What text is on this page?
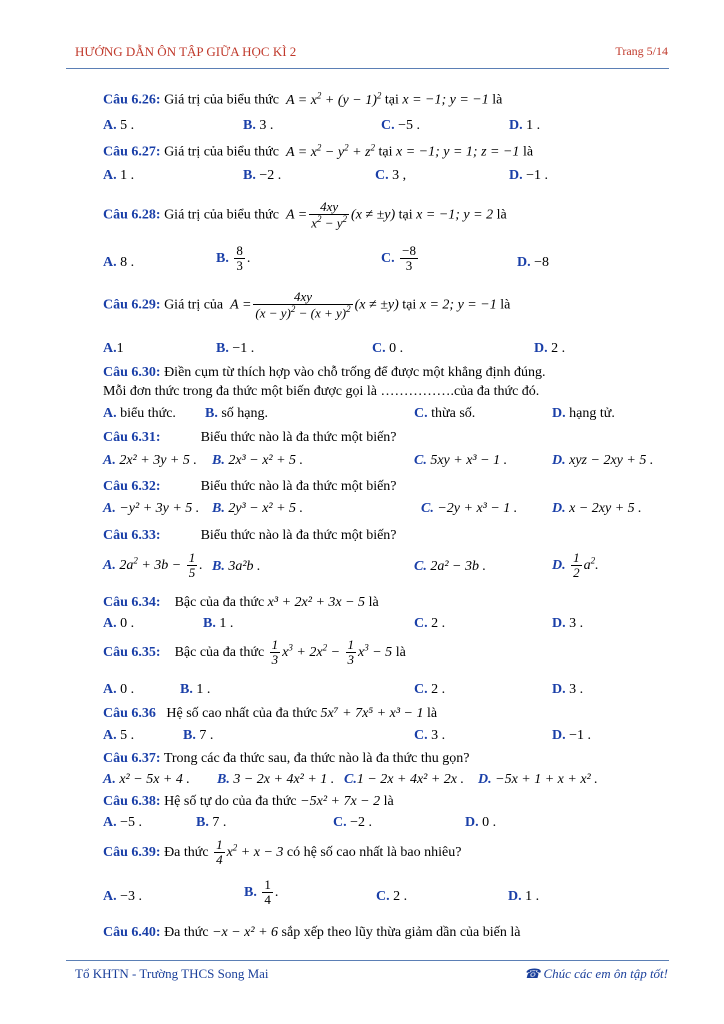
HƯỚNG DẪN ÔN TẬP GIỮA HỌC KÌ 2	Trang 5/14
Câu 6.26: Giá trị của biểu thức  $A = x^2 + (y - 1)^2$ tại x = −1; y = −1 là
A. 5 .	B. 3 .	C. −5 .	D. 1 .
Câu 6.27: Giá trị của biểu thức  $A = x^2 - y^2 + z^2$ tại x = −1; y = 1; z = −1 là
A. 1 .	B. −2 .	C. 3 ,	D. −1 .
Câu 6.28: Giá trị của biểu thức  $A = \frac{4xy}{x^2 - y^2} (x \ne \pm y)$ tại x = −1; y = 2 là
A. 8 .	B. $\frac{8}{3}$ .	C. $\frac{-8}{3}$	D. −8
Câu 6.29: Giá trị của  $A = \frac{4xy}{(x - y)^2 - (x + y)^2} (x \ne \pm y)$ tại x = 2; y = −1 là
A.1	B. −1 .	C. 0 .	D. 2 .
Câu 6.30: Điền cụm từ thích hợp vào chỗ trống để được một khẳng định đúng.
Mỗi đơn thức trong đa thức một biến được gọi là …………….của đa thức đó.
A. biểu thức. B. số hạng.	C. thừa số.	D. hạng tử.
Câu 6.31:	Biểu thức nào là đa thức một biến?
A. 2x² + 3y + 5 . B. 2x³ − x² + 5 .	C. 5xy + x³ − 1 .	D. xyz − 2xy + 5 .
Câu 6.32:	Biểu thức nào là đa thức một biến?
A. −y² + 3y + 5 . B. 2y³ − x² + 5 .	C. −2y + x³ − 1 . D. x − 2xy + 5 .
Câu 6.33:	Biểu thức nào là đa thức một biến?
A. $2a^2 + 3b - \frac{1}{5}$ . B. 3a²b .	C. 2a² − 3b .	D. $\frac{1}{2} a^2$.
Câu 6.34: Bậc của đa thức x³ + 2x² + 3x − 5 là
A. 0 .	B. 1 .	C. 2 .	D. 3 .
Câu 6.35: Bậc của đa thức $\frac{1}{3} x^3 + 2x^2 - \frac{1}{3} x^3 - 5$ là
A. 0 .	B. 1 .	C. 2 .	D. 3 .
Câu 6.36 Hệ số cao nhất của đa thức 5x⁷ + 7x⁵ + x³ − 1 là
A. 5 .	B. 7 .	C. 3 .	D. −1 .
Câu 6.37: Trong các đa thức sau, đa thức nào là đa thức thu gọn?
A. x² − 5x + 4 . B. 3 − 2x + 4x² + 1 . C.1 − 2x + 4x² + 2x . D. −5x + 1 + x + x² .
Câu 6.38: Hệ số tự do của đa thức −5x² + 7x − 2 là
A. −5 .	B. 7 .	C. −2 .	D. 0 .
Câu 6.39: Đa thức $\frac{1}{4} x^2 + x - 3$ có hệ số cao nhất là bao nhiêu?
A. −3 .	B. $\frac{1}{4}$ .	C. 2 .	D. 1 .
Câu 6.40: Đa thức −x − x² + 6 sắp xếp theo lũy thừa giảm dần của biến là
Tổ KHTN - Trường THCS Song Mai	☎ Chúc các em ôn tập tốt!
